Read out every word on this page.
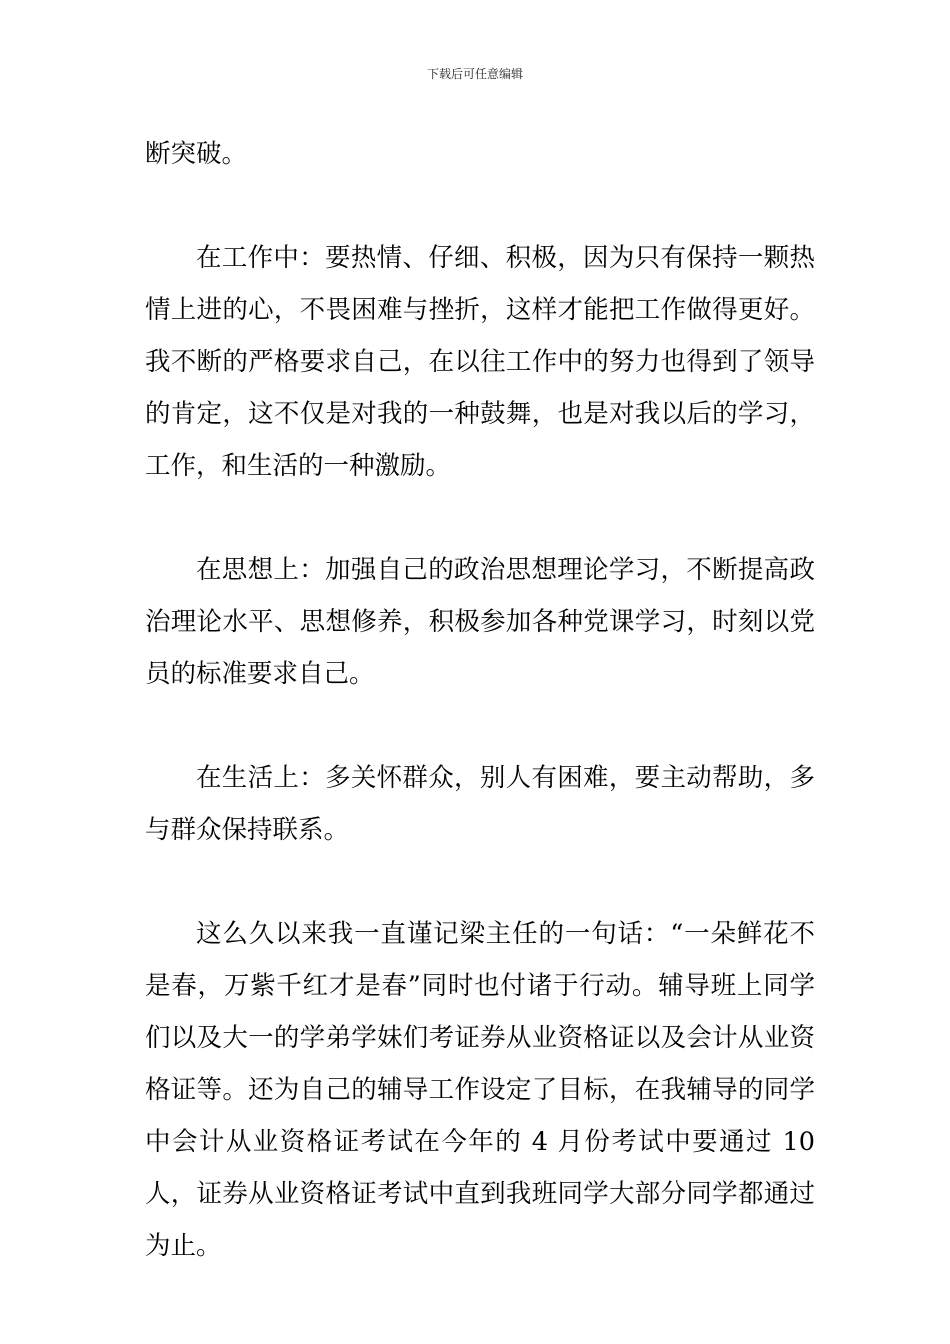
下载后可任意编辑

断突破。

在工作中：要热情、仔细、积极，因为只有保持一颗热情上进的心，不畏困难与挫折，这样才能把工作做得更好。我不断的严格要求自己，在以往工作中的努力也得到了领导的肯定，这不仅是对我的一种鼓舞，也是对我以后的学习，工作，和生活的一种激励。

在思想上：加强自己的政治思想理论学习，不断提高政治理论水平、思想修养，积极参加各种党课学习，时刻以党员的标准要求自己。

在生活上：多关怀群众，别人有困难，要主动帮助，多与群众保持联系。

这么久以来我一直谨记梁主任的一句话：“一朵鲜花不是春，万紫千红才是春”同时也付诸于行动。辅导班上同学们以及大一的学弟学妹们考证券从业资格证以及会计从业资格证等。还为自己的辅导工作设定了目标，在我辅导的同学中会计从业资格证考试在今年的 4 月份考试中要通过 10 人，证券从业资格证考试中直到我班同学大部分同学都通过为止。
